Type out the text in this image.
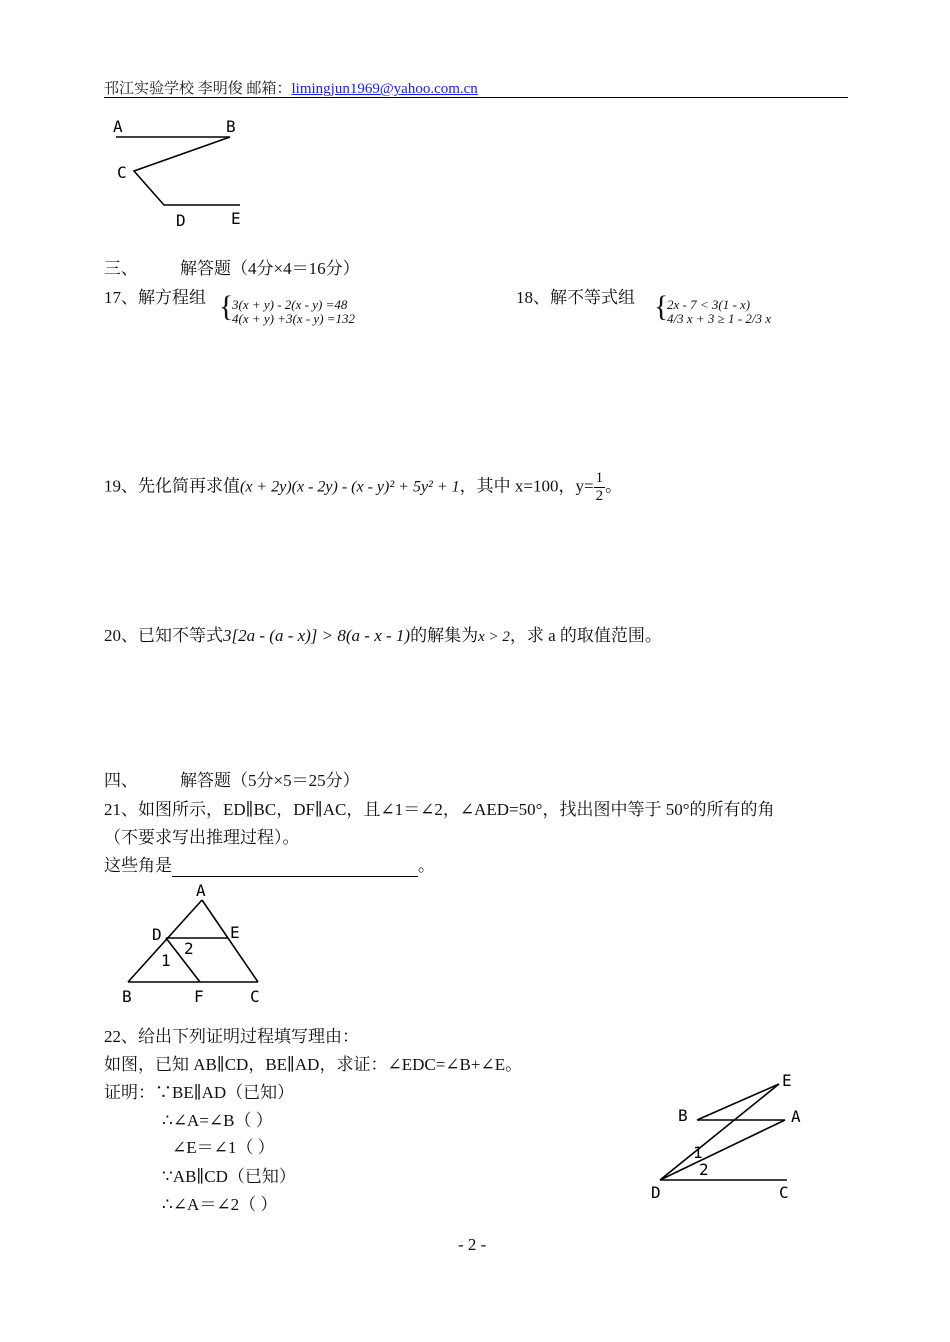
邗江实验学校 李明俊 邮箱：limingjun1969@yahoo.com.cn
A	B
C
D	E
三、 解答题（4分×4＝16分）
17、解方程组 {
3(x + y) - 2(x - y) =48
4(x + y) +3(x - y) =132
18、解不等式组 {
2x - 7 < 3(1 - x)
4/3 x + 3 ≥ 1 - 2/3 x
19、先化简再求值(x + 2y)(x - 2y) - (x - y)² + 5y² + 1，其中 x=100，$y= \frac{1}{2}$ 。
20、已知不等式3[2a - (a - x)] > 8(a - x - 1)的解集为x > 2，求 a 的取值范围。
四、 解答题（5分×5＝25分）
21、如图所示，ED∥BC，DF∥AC，且∠1＝∠2，∠AED=50°，找出图中等于 50°的所有的角
（不要求写出推理过程）。
这些角是	。
A
D	E
B	F	C
1
2
22、给出下列证明过程填写理由：
如图，已知 AB∥CD，BE∥AD，求证：∠EDC=∠B+∠E。
证明：∵BE∥AD（已知）
∴∠A=∠B（ ）
∠E＝∠1（ ）
∵AB∥CD（已知）
∴∠A＝∠2（ ）
E
B	A
D	C
1
2
- 2 -
